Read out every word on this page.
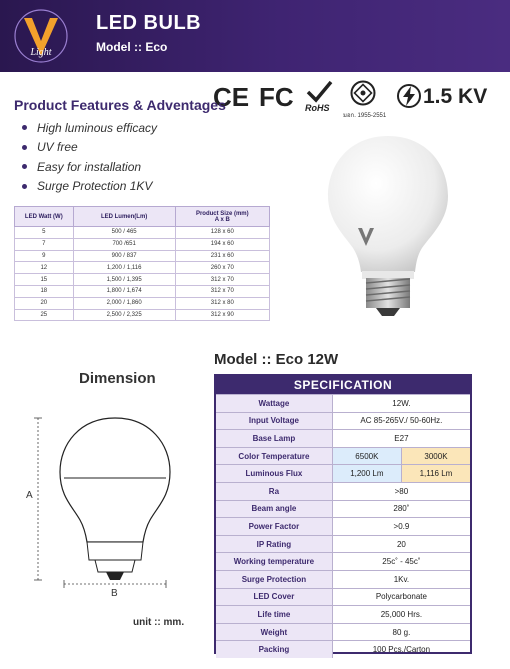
Light
LED BULB
Model :: Eco
CE FC RoHS
มอก. 1955-2551
1.5 KV
Product Features & Adventages
High luminous efficacy
UV free
Easy for installation
Surge Protection 1KV
LED Watt (W)	LED Lumen(Lm)	Product Size (mm)
A x B
5	500 / 465	128 x 60
7	700 /651	194 x 60
9	900 / 837	231 x 60
12	1,200 / 1,116	260 x 70
15	1,500 / 1,395	312 x 70
18	1,800 / 1,674	312 x 70
20	2,000 / 1,860	312 x 80
25	2,500 / 2,325	312 x 90
Dimension
A
B
unit :: mm.
Model :: Eco 12W
SPECIFICATION
Wattage	12W.
Input Voltage	AC 85-265V./ 50-60Hz.
Base Lamp	E27
Color Temperature	6500K	3000K
Luminous Flux	1,200 Lm	1,116 Lm
Ra	>80
Beam angle	280˚
Power Factor	>0.9
IP Rating	20
Working temperature	25c˚ - 45c˚
Surge Protection	1Kv.
LED Cover	Polycarbonate
Life time	25,000 Hrs.
Weight	80 g.
Packing	100 Pcs./Carton
